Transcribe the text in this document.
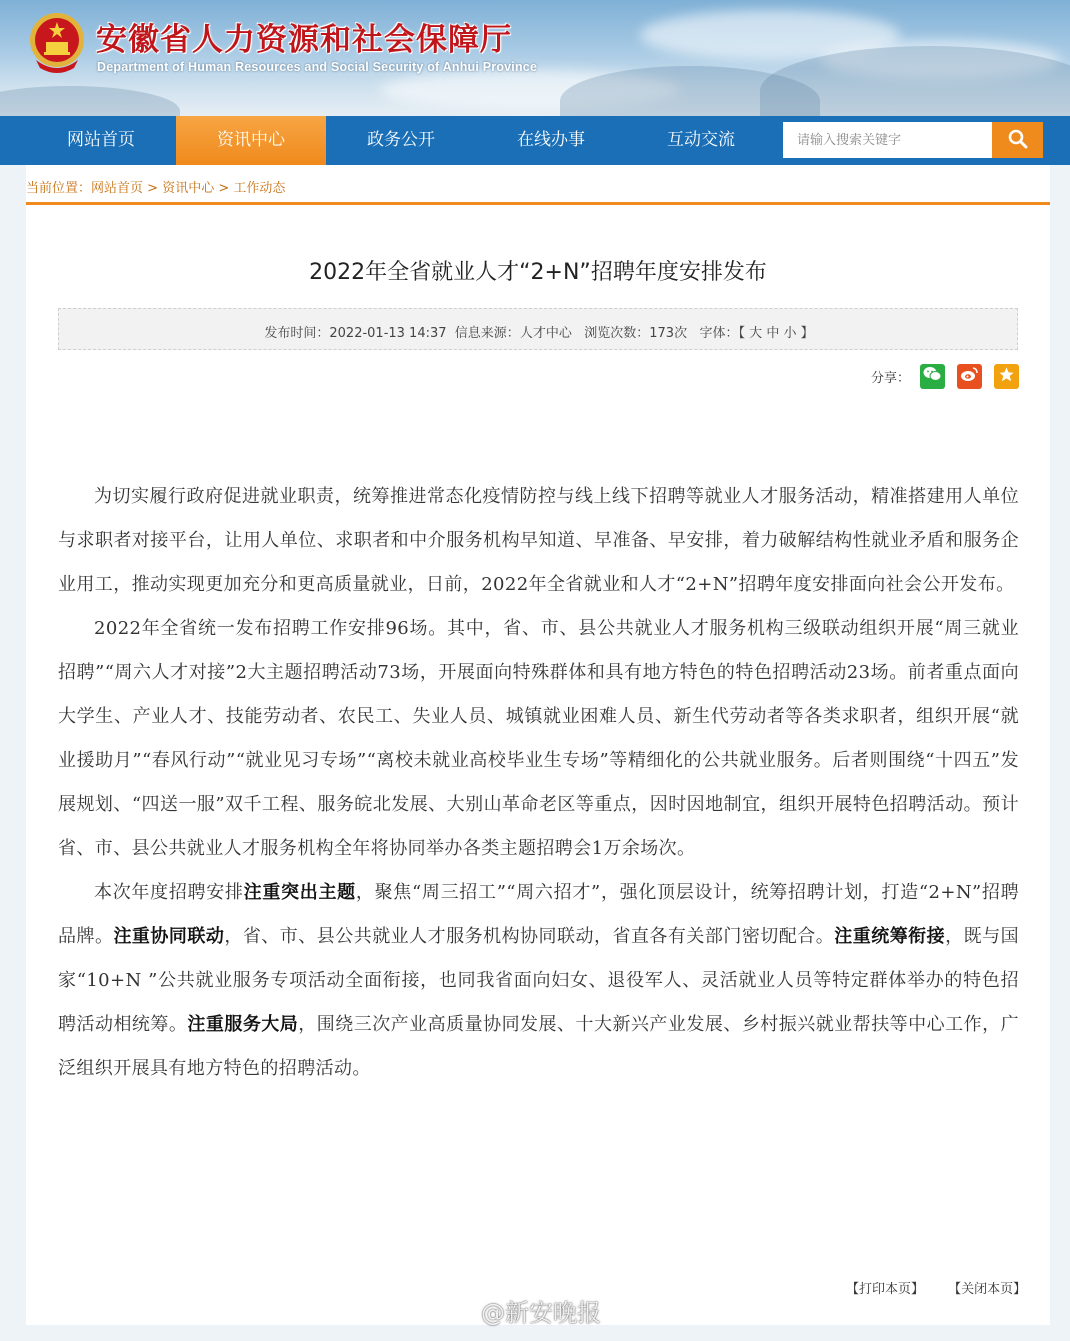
安徽省人力资源和社会保障厅
Department of Human Resources and Social Security of Anhui Province
网站首页	资讯中心	政务公开	在线办事	互动交流
请输入搜索关键字
当前位置：网站首页 > 资讯中心 > 工作动态
2022年全省就业人才“2+N”招聘年度安排发布
发布时间：2022-01-13 14:37 信息来源：人才中心 浏览次数：173次 字体：【 大 中 小 】
分享：

为切实履行政府促进就业职责，统筹推进常态化疫情防控与线上线下招聘等就业人才服务活动，精准搭建用人单位与求职者对接平台，让用人单位、求职者和中介服务机构早知道、早准备、早安排，着力破解结构性就业矛盾和服务企业用工，推动实现更加充分和更高质量就业，日前，2022年全省就业和人才“2+N”招聘年度安排面向社会公开发布。

2022年全省统一发布招聘工作安排96场。其中，省、市、县公共就业人才服务机构三级联动组织开展“周三就业招聘”“周六人才对接”2大主题招聘活动73场，开展面向特殊群体和具有地方特色的特色招聘活动23场。前者重点面向大学生、产业人才、技能劳动者、农民工、失业人员、城镇就业困难人员、新生代劳动者等各类求职者，组织开展“就业援助月”“春风行动”“就业见习专场”“离校未就业高校毕业生专场”等精细化的公共就业服务。后者则围绕“十四五”发展规划、“四送一服”双千工程、服务皖北发展、大别山革命老区等重点，因时因地制宜，组织开展特色招聘活动。预计省、市、县公共就业人才服务机构全年将协同举办各类主题招聘会1万余场次。

本次年度招聘安排注重突出主题，聚焦“周三招工”“周六招才”，强化顶层设计，统筹招聘计划，打造“2+N”招聘品牌。注重协同联动，省、市、县公共就业人才服务机构协同联动，省直各有关部门密切配合。注重统筹衔接，既与国家“10+N ”公共就业服务专项活动全面衔接，也同我省面向妇女、退役军人、灵活就业人员等特定群体举办的特色招聘活动相统筹。注重服务大局，围绕三次产业高质量协同发展、十大新兴产业发展、乡村振兴就业帮扶等中心工作，广泛组织开展具有地方特色的招聘活动。

【打印本页】 【关闭本页】
@新安晚报
